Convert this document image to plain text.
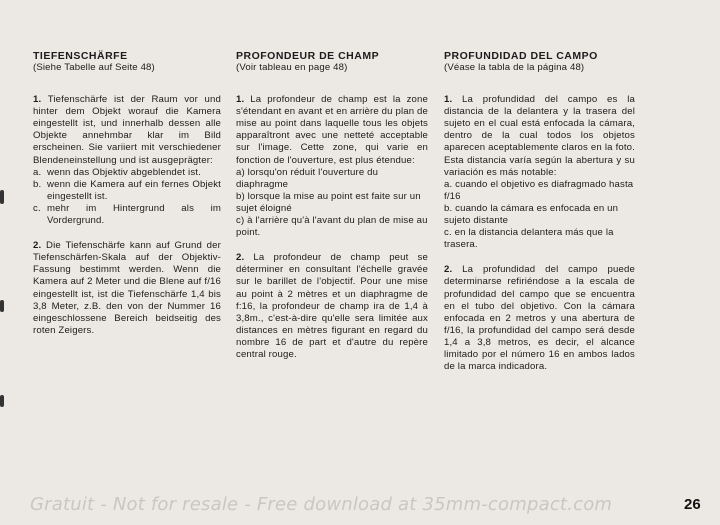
TIEFENSCHÄRFE
(Siehe Tabelle auf Seite 48)

1. Tiefenschärfe ist der Raum vor und hinter dem Objekt worauf die Kamera eingestellt ist, und innerhalb dessen alle Objekte annehmbar klar im Bild erscheinen. Sie variiert mit verschiedener Blendeneinstellung und ist ausgeprägter:

a. wenn das Objektiv abgeblendet ist.
b. wenn die Kamera auf ein fernes Objekt eingestellt ist.
c. mehr im Hintergrund als im Vordergrund.

2. Die Tiefenschärfe kann auf Grund der Tiefenschärfen-Skala auf der Objektiv-Fassung bestimmt werden. Wenn die Kamera auf 2 Meter und die Blene auf f/16 eingestellt ist, ist die Tiefenschärfe 1,4 bis 3,8 Meter, z.B. den von der Nummer 16 eingeschlossene Bereich beidseitig des roten Zeigers.

PROFONDEUR DE CHAMP
(Voir tableau en page 48)

1. La profondeur de champ est la zone s'étendant en avant et en arrière du plan de mise au point dans laquelle tous les objets apparaîtront avec une netteté acceptable sur l'image. Cette zone, qui varie en fonction de l'ouverture, est plus étendue:

a) lorsqu'on réduit l'ouverture du diaphragme
b) lorsque la mise au point est faite sur un sujet éloigné
c) à l'arrière qu'à l'avant du plan de mise au point.

2. La profondeur de champ peut se déterminer en consultant l'échelle gravée sur le barillet de l'objectif. Pour une mise au point à 2 mètres et un diaphragme de f:16, la profondeur de champ ira de 1,4 à 3,8m., c'est-à-dire qu'elle sera limitée aux distances en mètres figurant en regard du nombre 16 de part et d'autre du repère central rouge.

PROFUNDIDAD DEL CAMPO
(Véase la tabla de la página 48)

1. La profundidad del campo es la distancia de la delantera y la trasera del sujeto en el cual está enfocada la cámara, dentro de la cual todos los objetos aparecen aceptablemente claros en la foto. Esta distancia varía según la abertura y su variación es más notable:

a. cuando el objetivo es diafragmado hasta f/16
b. cuando la cámara es enfocada en un sujeto distante
c. en la distancia delantera más que la trasera.

2. La profundidad del campo puede determinarse refiriéndose a la escala de profundidad del campo que se encuentra en el tubo del objetivo. Con la cámara enfocada en 2 metros y una abertura de f/16, la profundidad del campo será desde 1,4 a 3,8 metros, es decir, el alcance limitado por el número 16 en ambos lados de la marca indicadora.

Gratuit - Not for resale - Free download at 35mm-compact.com	26
